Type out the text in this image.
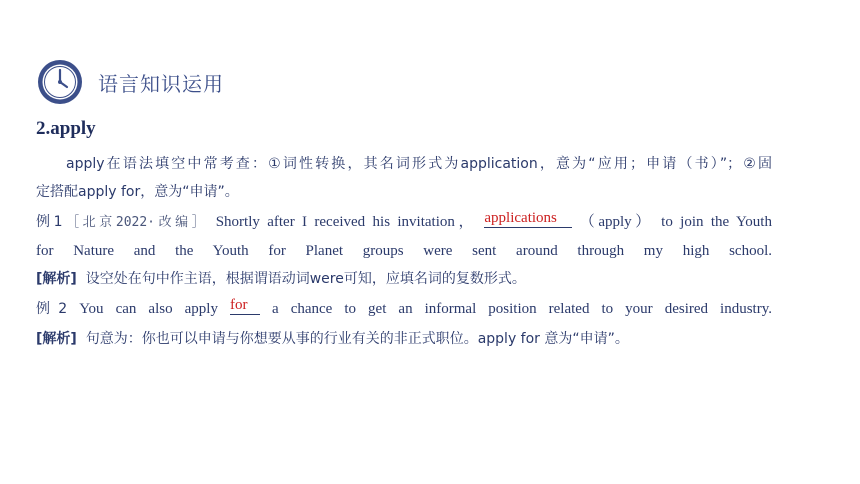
语言知识运用
2.apply
apply在语法填空中常考查：①词性转换，其名词形式为application，意为“应用；申请（书）”；②固
定搭配apply for，意为“申请”。
例1［北京2022·改编］ Shortly after I received his invitation， applications （apply） to join the Youth
for Nature and the Youth for Planet groups were sent around through my high school.
[解析] 设空处在句中作主语，根据谓语动词were可知，应填名词的复数形式。
例2 You can also apply for a chance to get an informal position related to your desired industry.
[解析] 句意为：你也可以申请与你想要从事的行业有关的非正式职位。apply for 意为“申请”。
